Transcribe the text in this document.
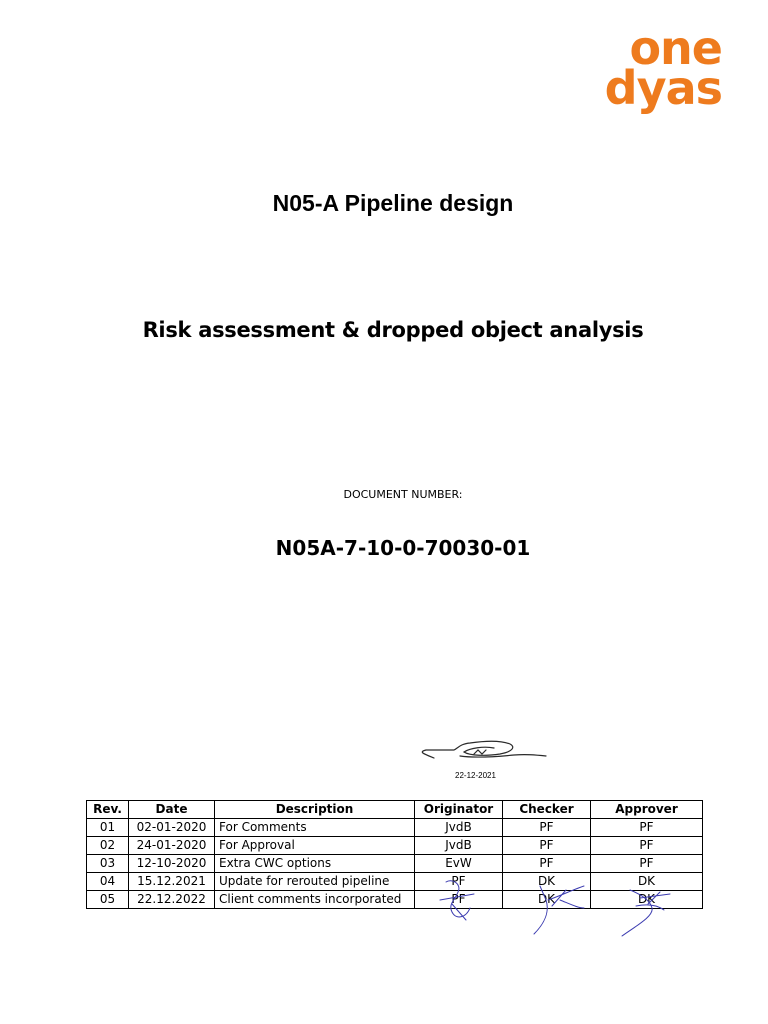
one
dyas
N05-A Pipeline design
Risk assessment & dropped object analysis
DOCUMENT NUMBER:
N05A-7-10-0-70030-01
22-12-2021
Rev.	Date	Description	Originator	Checker	Approver
01	02-01-2020	For Comments	JvdB	PF	PF
02	24-01-2020	For Approval	JvdB	PF	PF
03	12-10-2020	Extra CWC options	EvW	PF	PF
04	15.12.2021	Update for rerouted pipeline	PF	DK	DK
05	22.12.2022	Client comments incorporated	PF	DK	DK
